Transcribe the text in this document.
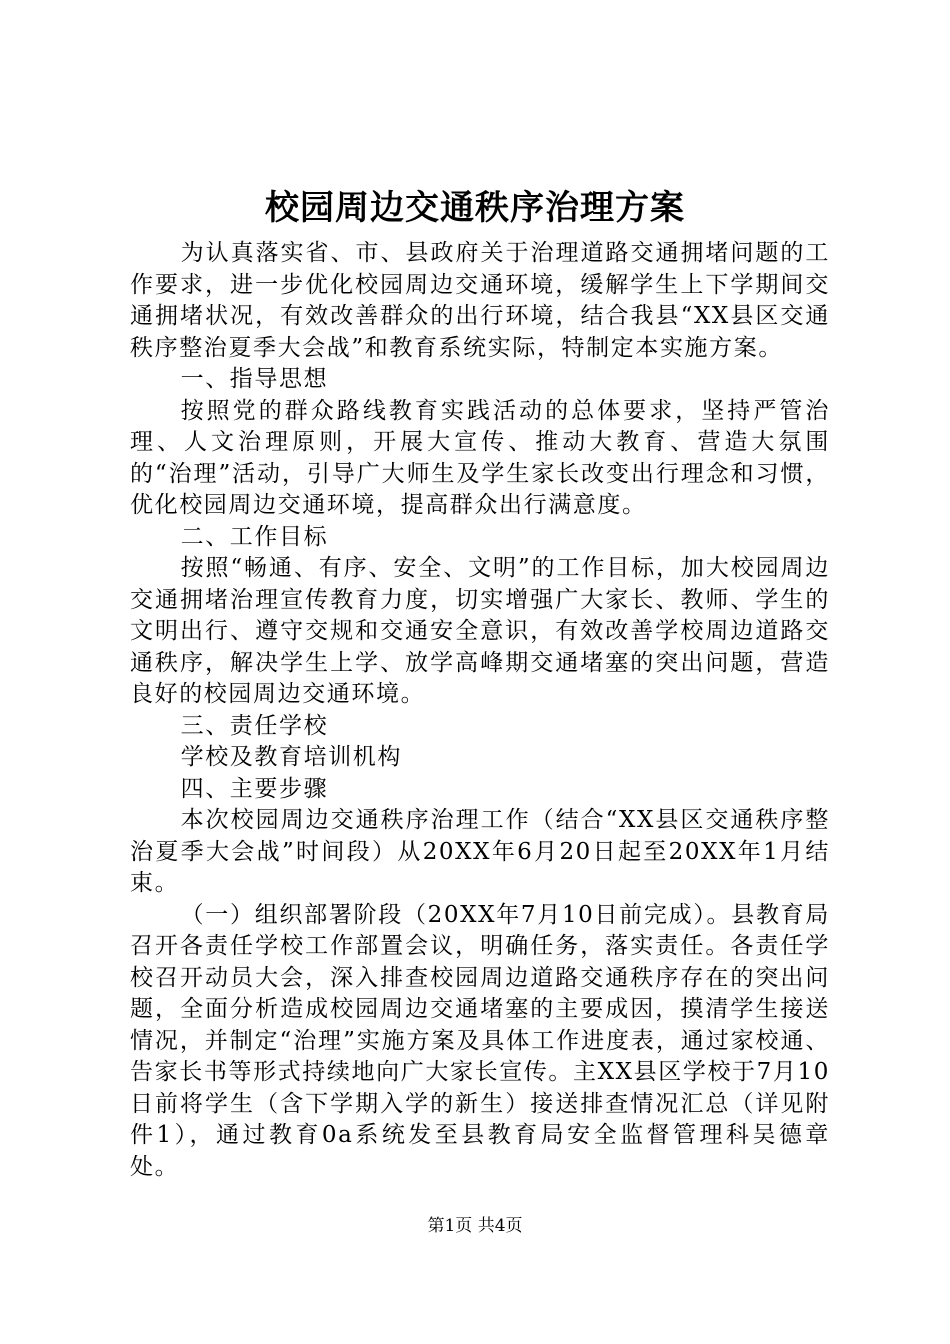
校园周边交通秩序治理方案

为认真落实省、市、县政府关于治理道路交通拥堵问题的工作要求，进一步优化校园周边交通环境，缓解学生上下学期间交通拥堵状况，有效改善群众的出行环境，结合我县“XX县区交通秩序整治夏季大会战”和教育系统实际，特制定本实施方案。

一、指导思想

按照党的群众路线教育实践活动的总体要求，坚持严管治理、人文治理原则，开展大宣传、推动大教育、营造大氛围的“治理”活动，引导广大师生及学生家长改变出行理念和习惯，优化校园周边交通环境，提高群众出行满意度。

二、工作目标

按照“畅通、有序、安全、文明”的工作目标，加大校园周边交通拥堵治理宣传教育力度，切实增强广大家长、教师、学生的文明出行、遵守交规和交通安全意识，有效改善学校周边道路交通秩序，解决学生上学、放学高峰期交通堵塞的突出问题，营造良好的校园周边交通环境。

三、责任学校

学校及教育培训机构

四、主要步骤

本次校园周边交通秩序治理工作（结合“XX县区交通秩序整治夏季大会战”时间段）从20XX年6月20日起至20XX年1月结束。

（一）组织部署阶段（20XX年7月10日前完成）。县教育局召开各责任学校工作部置会议，明确任务，落实责任。各责任学校召开动员大会，深入排查校园周边道路交通秩序存在的突出问题，全面分析造成校园周边交通堵塞的主要成因，摸清学生接送情况，并制定“治理”实施方案及具体工作进度表，通过家校通、告家长书等形式持续地向广大家长宣传。主XX县区学校于7月10日前将学生（含下学期入学的新生）接送排查情况汇总（详见附件1），通过教育0a系统发至县教育局安全监督管理科吴德章处。

第1页 共4页
